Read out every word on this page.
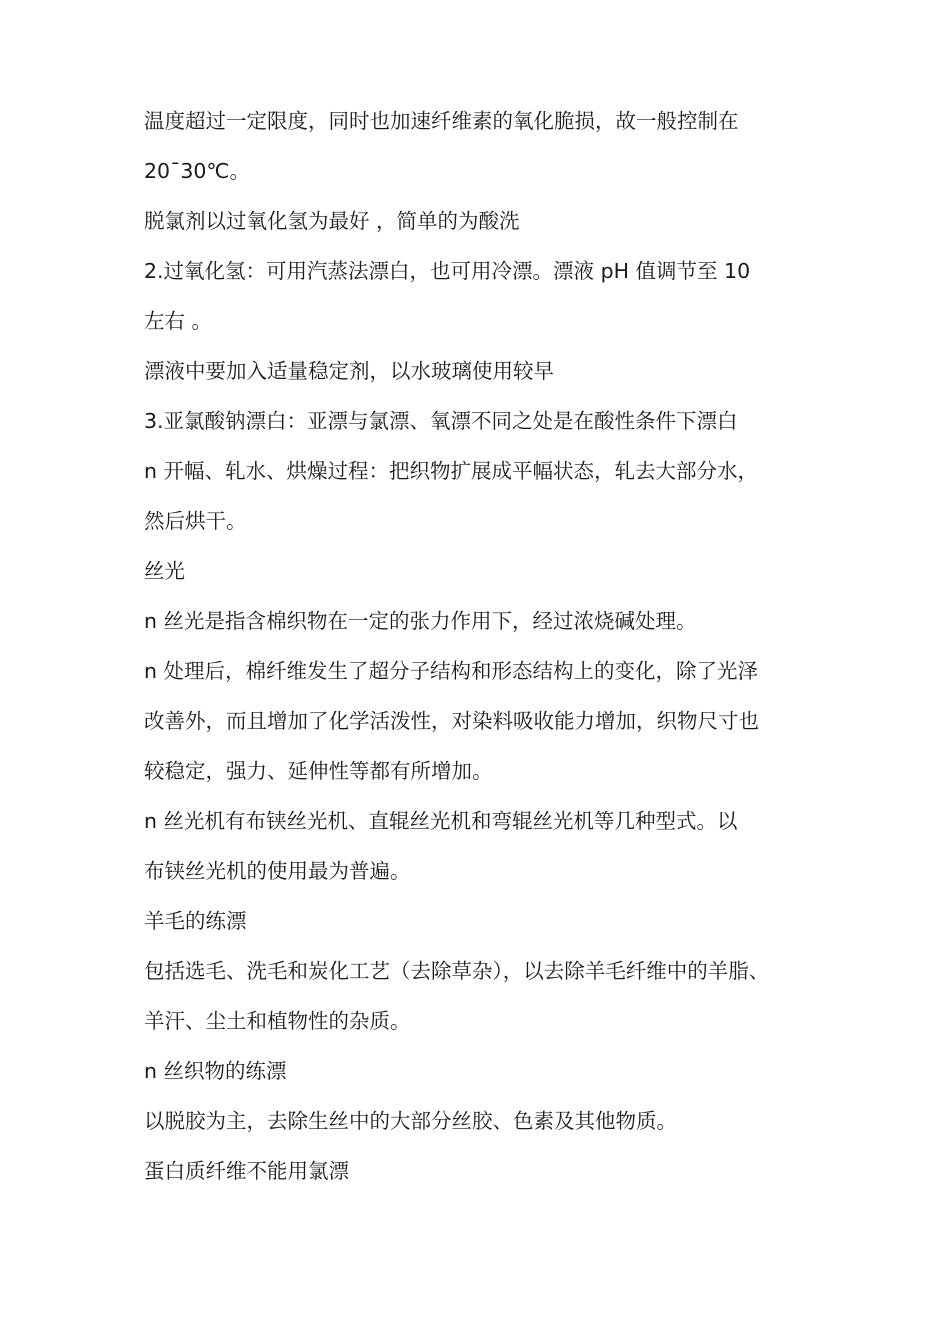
温度超过一定限度，同时也加速纤维素的氧化脆损，故一般控制在

20¯30℃。

脱氯剂以过氧化氢为最好 ，简单的为酸洗

2.过氧化氢：可用汽蒸法漂白，也可用冷漂。漂液 pH 值调节至 10

左右 。

漂液中要加入适量稳定剂，以水玻璃使用较早

3.亚氯酸钠漂白：亚漂与氯漂、氧漂不同之处是在酸性条件下漂白

n 开幅、轧水、烘燥过程：把织物扩展成平幅状态，轧去大部分水，

然后烘干。

丝光

n 丝光是指含棉织物在一定的张力作用下，经过浓烧碱处理。

n 处理后，棉纤维发生了超分子结构和形态结构上的变化，除了光泽

改善外，而且增加了化学活泼性，对染料吸收能力增加，织物尺寸也

较稳定，强力、延伸性等都有所增加。

n 丝光机有布铗丝光机、直辊丝光机和弯辊丝光机等几种型式。以

布铗丝光机的使用最为普遍。

羊毛的练漂

包括选毛、洗毛和炭化工艺（去除草杂），以去除羊毛纤维中的羊脂、

羊汗、尘土和植物性的杂质。

n 丝织物的练漂

以脱胶为主，去除生丝中的大部分丝胶、色素及其他物质。

蛋白质纤维不能用氯漂
